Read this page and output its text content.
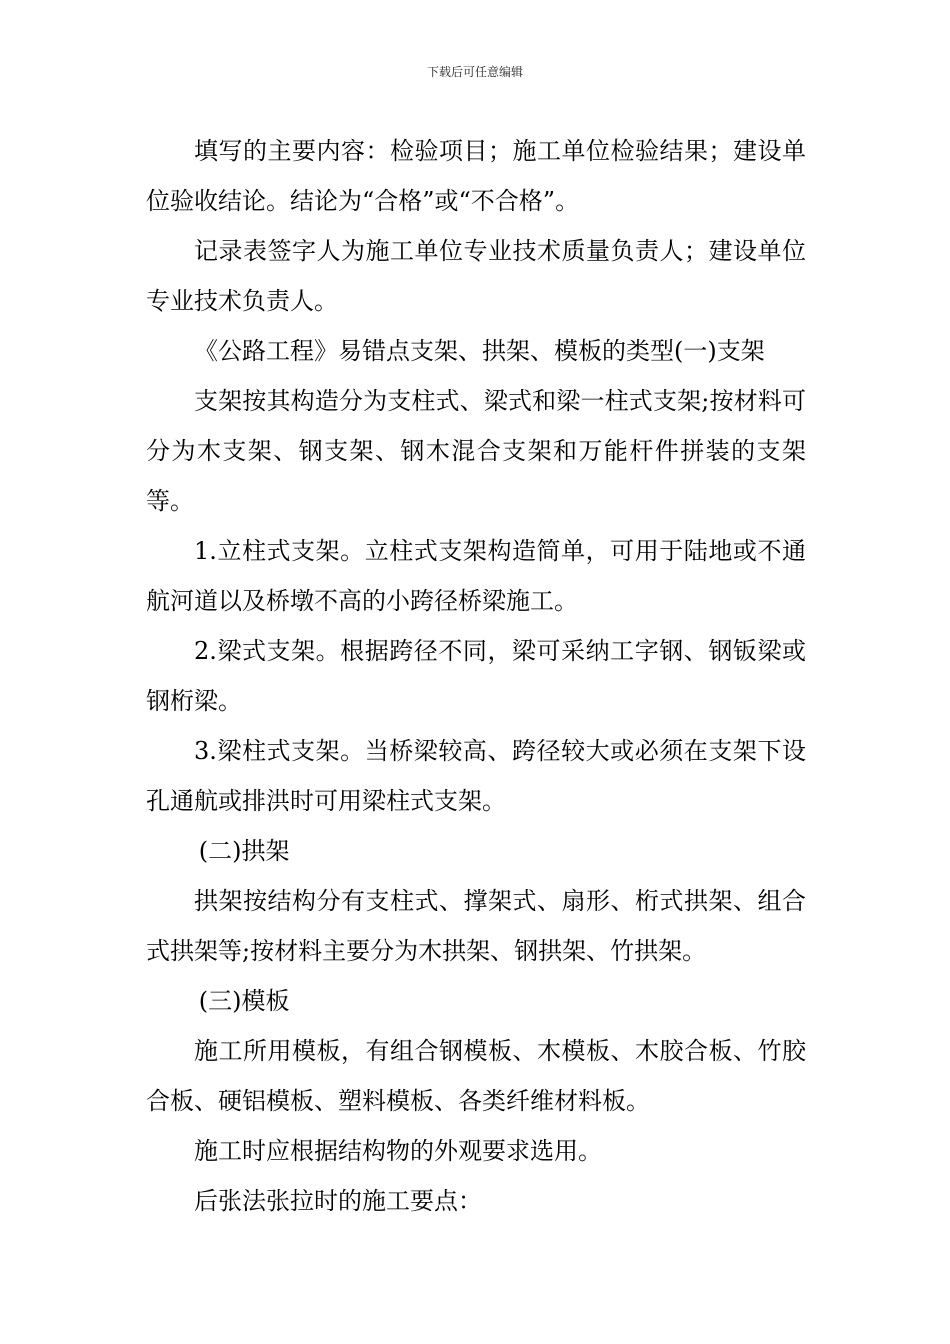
下载后可任意编辑

填写的主要内容：检验项目；施工单位检验结果；建设单位验收结论。结论为“合格”或“不合格”。

记录表签字人为施工单位专业技术质量负责人；建设单位专业技术负责人。

《公路工程》易错点支架、拱架、模板的类型(一)支架

支架按其构造分为支柱式、梁式和梁一柱式支架;按材料可分为木支架、钢支架、钢木混合支架和万能杆件拼装的支架等。

1.立柱式支架。立柱式支架构造简单，可用于陆地或不通航河道以及桥墩不高的小跨径桥梁施工。

2.梁式支架。根据跨径不同，梁可采纳工字钢、钢钣梁或钢桁梁。

3.梁柱式支架。当桥梁较高、跨径较大或必须在支架下设孔通航或排洪时可用梁柱式支架。

(二)拱架

拱架按结构分有支柱式、撑架式、扇形、桁式拱架、组合式拱架等;按材料主要分为木拱架、钢拱架、竹拱架。

(三)模板

施工所用模板，有组合钢模板、木模板、木胶合板、竹胶合板、硬铝模板、塑料模板、各类纤维材料板。

施工时应根据结构物的外观要求选用。

后张法张拉时的施工要点：
